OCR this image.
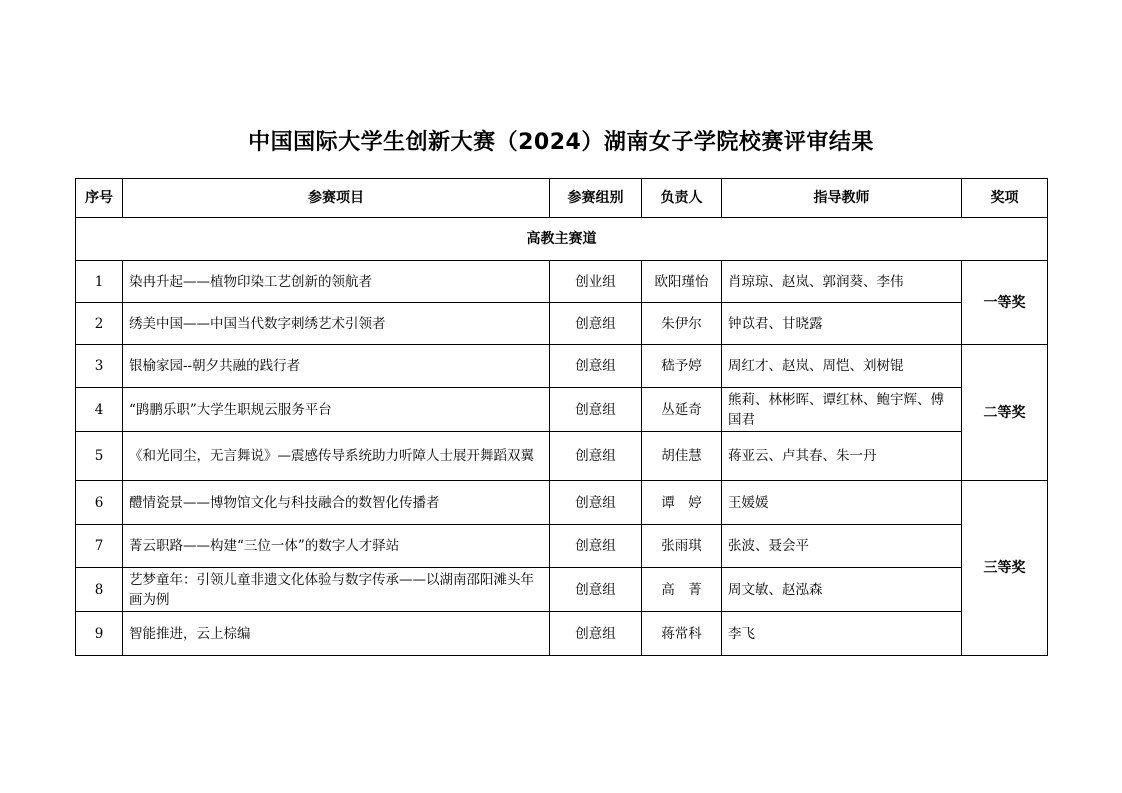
中国国际大学生创新大赛（2024）湖南女子学院校赛评审结果
序号	参赛项目	参赛组别	负责人	指导教师	奖项
高教主赛道					
1	染冉升起——植物印染工艺创新的领航者	创业组	欧阳瑾怡	肖琼琼、赵岚、郭润葵、李伟	一等奖
2	绣美中国——中国当代数字刺绣艺术引领者	创意组	朱伊尔	钟苡君、甘晓露	
3	银榆家园--朝夕共融的践行者	创意组	嵇予婷	周红才、赵岚、周恺、刘树锟	二等奖
4	“鹍鹏乐职”大学生职规云服务平台	创意组	丛延奇	熊莉、林彬晖、谭红林、鲍宇辉、傅国君	
5	《和光同尘，无言舞说》—震感传导系统助力听障人士展开舞蹈双翼	创意组	胡佳慧	蒋亚云、卢其春、朱一丹	
6	醴情瓷景——博物馆文化与科技融合的数智化传播者	创意组	谭　婷	王媛媛	三等奖
7	菁云职路——构建“三位一体”的数字人才驿站	创意组	张雨琪	张波、聂会平	
8	艺梦童年：引领儿童非遗文化体验与数字传承——以湖南邵阳滩头年画为例	创意组	高　菁	周文敏、赵泓森	
9	智能推进，云上棕编	创意组	蒋常科	李飞	
